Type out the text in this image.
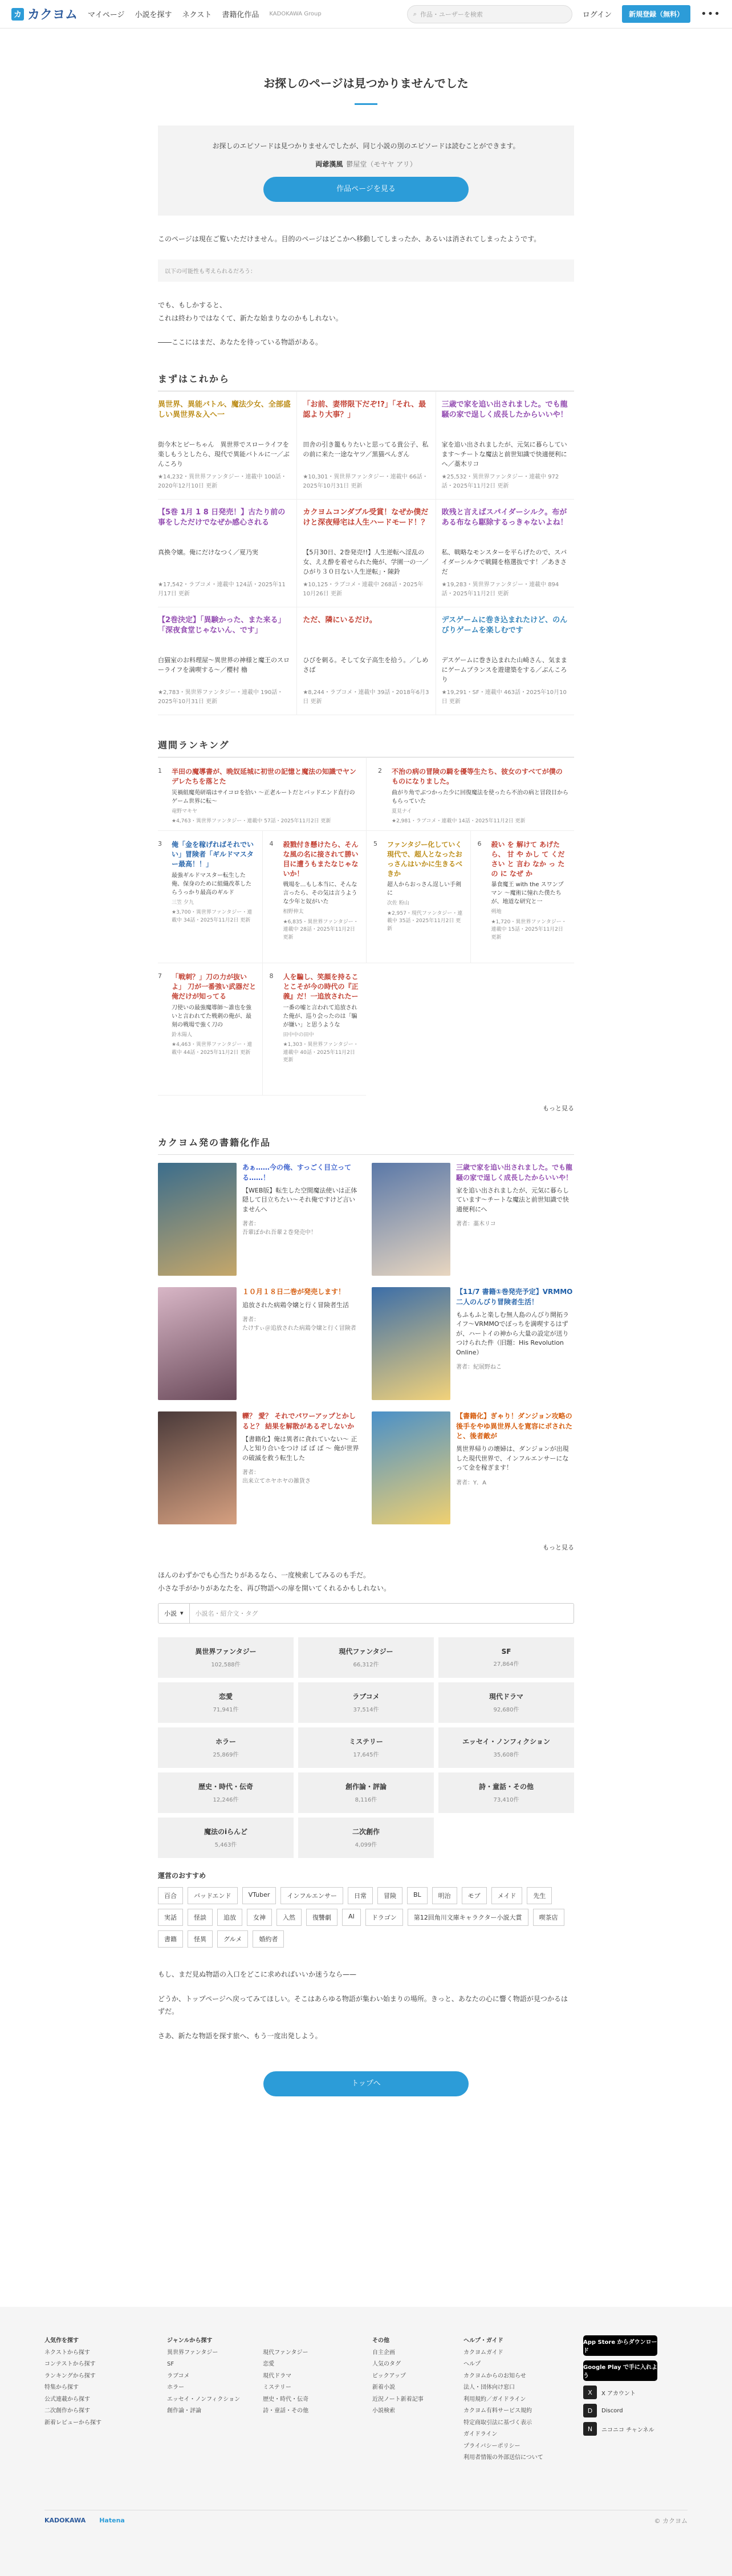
カ カクヨム マイページ 小説を探す ネクスト 書籍化作品 KADOKAWA Group	⌕ 作品・ユーザーを検索	ログイン	新規登録（無料）	•••
お探しのページは見つかりませんでした

お探しのエピソードは見つかりませんでしたが、同じ小説の別のエピソードは読むことができます。

両爺漢風 鬱屋堂（モヤヤ アリ）

作品ページを見る

このページは現在ご覧いただけません。目的のページはどこかへ移動してしまったか、あるいは消されてしまったようです。

以下の可能性も考えられるだろう：

でも、もしかすると、
これは終わりではなくて、新たな始まりなのかもしれない。

――ここにはまだ、あなたを待っている物語がある。

まずはこれから
異世界、異能バトル、魔法少女、全部盛しい異世界＆入へ一
街今木とピーちゃん　異世界でスローライフを楽しもうとしたら、現代で異能バトルに一／ぶんころり
★14,232・異世界ファンタジー・連載中 100話・2020年12月10日 更新
「お前、妻帯限下だぞ!?」「それ、最認より大事？」
田舎の引き籠もりたいと思ってる貴公子、私の前に来た一途なヤツ／黒猫ぺんぎん
★10,301・異世界ファンタジー・連載中 66話・2025年10月31日 更新
三歳で家を追い出されました。でも龍騒の家で逞しく成長したからいいや！
家を追い出されましたが、元気に暮らしています～チートな魔法と前世知識で快適便利にへ／藁木リコ
★25,532・異世界ファンタジー・連載中 972話・2025年11月2日 更新
【5巻 1月 1 8 日発売！】古たり前の事をしただけでなぜか感心される
真換令嬢。俺にだけなつく／夏乃実
★17,542・ラブコメ・連載中 124話・2025年11月17日 更新
カクヨムコンダブル受賞！なぜか僕だけと深夜帰宅は人生ハードモード！？
【5月30日、2巻発売!!】人生逆転へ淫乱の女、ええ酔を着せられた俺が、学園一の一／ひがり３０日ない人生逆転」・陳鈴
★10,125・ラブコメ・連載中 268話・2025年10月26日 更新
敗残と言えばスパイダーシルク。布がある布なら駆除するっきゃないよね！
私、戦略なモンスターを平らげたので、スパイダーシルクで戦闘を格選抜です！／あきさだ
★19,283・異世界ファンタジー・連載中 894話・2025年11月2日 更新
【2巻決定】「異験かった、また来る」「深夜食堂じゃないん、です」
白猫室のお料理屋～異世界の神様と魔王のスローライフを満喫する～／櫻村 櫓
★2,783・異世界ファンタジー・連載中 190話・2025年10月31日 更新
ただ、隣にいるだけ。
ひびを刺る。そして女子高生を拾う。／しめさば
★8,244・ラブコメ・連載中 39話・2018年6月3日 更新
デスゲームに巻き込まれたけど、のんびりゲームを楽しむです
デスゲームに巻き込まれた山崎さん、気ままにゲームプランスを遊建築をする／ぶんころり
★19,291・SF・連載中 463話・2025年10月10日 更新
週間ランキング
1	半田の魔導書が、晩奴延城に初世の記憶と魔法の知識でヤンデレたちを落とた
災禍組魔苑研端はサイコロを拾い ～正老ルートだとバッドエンド直行のゲーム世界に転～
竜野マキヤ
★4,763・異世界ファンタジー・連載中 57話・2025年11月2日 更新
2	不治の病の冒険の騎を優等生たち、彼女のすべてが僕のものになりました。
曲がり角でぶつかった少に回復魔法を使ったら不治の病と冒段目からもらっていた
夏見ナイ
★2,981・ラブコメ・連載中 14話・2025年11月2日 更新
3	俺「金を稼げればそれでいい」冒険者「ギルドマスター最高！！」
最強ギルドマスター転生した俺、保身のために組織改革したらうっかり最高のギルド
三笠 夕九
★3,700・異世界ファンタジー・連載中 34話・2025年11月2日 更新
4	殺戮付き懸けたら、そんな風の名に接されて勝い目に遭うもまたなじゃないか！
戦場を…もし本当に、そんな言ったら、その気は言うような少年と奴がいた
相野伸太
★6,835・異世界ファンタジー・連載中 28話・2025年11月2日 更新
5	ファンタジー化していく現代で、超人となったおっさんはいかに生きるべきか
超人からおっさん逞しい手剣に
次佐 粉山
★2,957・現代ファンタジー・連載中 35話・2025年11月2日 更新
6	殺い を 解けて あげた ら、 甘 や かし て ください と 言わ なか っ たの に なぜ か
暴食魔王 with the スワンプマン ～魔術に憧れた僕たちが、地道な研究と一
朔地
★1,720・異世界ファンタジー・連載中 15話・2025年11月2日 更新
7	「戦刺？」刀の力が抜いよ」 刀が一番強い武器だと俺だけが知ってる
刀使いの最強魔導師～誰也を強いと言われてた戦刺の俺が、最刻の戦場で強く刀の
鈴木陽人
★4,463・異世界ファンタジー・連載中 44話・2025年11月2日 更新
8	人を騙し、笑顔を持ることこそが今の時代の『正義』だ！一追放されたー
一番の嘘と言われて追放された俺が、巡り会ったのは「騙が嫌い」と思うような
田中中の田中
★1,303・異世界ファンタジー・連載中 40話・2025年11月2日 更新

もっと見る

カクヨム発の書籍化作品
あぁ……今の俺、すっごく目立ってる……！
【WEB版】転生した空間魔法使いは正体隠して目立ちたい～それ俺ですけど言いませんへ
著者：
吾輩ぼかれ吾輩２巻発売中！
三歳で家を追い出されました。でも龍騒の家で逞しく成長したからいいや！
家を追い出されましたが、元気に暮らしています～チートな魔法と前世知識で快適便利にへ
著者：藁木リコ
１０月１８日二巻が発売します！
追放された病鶏令嬢と行く冒険者生活
著者：
たけすぃ＠追放された病鶏令嬢と行く冒険者
【11/7 書籍①巻発売予定】VRMMO二人のんびり冒険者生活！
もふもふと楽しむ無人島のんびり開拓ライフ～VRMMOでぼっちを満喫するはずが、ハートイの神から大量の設定が送りつけられた件（旧題：His Revolution Online）
著者：紀展野ねこ
轢？ 愛？ それでパワーアップとかしると？ 結果を解散があるぞしないか
【書籍化】俺は異者に貪れていない～ 正人と知り合いをつけ ば ば ば ～ 俺が世界の破滅を救う転生した
著者：
出来立てホヤホヤの雑貨さ
【書籍化】ぎゃり！ダンジョン攻略の後手をやゆ異世界人を寛容にポされたと、後者敵が
異世界帰りの壊婦は、ダンジョンが出現した現代世界で、インフルエンサーになって金を稼ぎます！
著者：Y．A

もっと見る

ほんのわずかでも心当たりがあるなら、一度検索してみるのも手だ。
小さな手がかりがあなたを、再び物語への扉を開いてくれるかもしれない。

小説 ▾	小説名・紹介文・タグ
異世界ファンタジー
102,588件
現代ファンタジー
66,312件
SF
27,864件
恋愛
71,941件
ラブコメ
37,514件
現代ドラマ
92,680件
ホラー
25,869件
ミステリー
17,645件
エッセイ・ノンフィクション
35,608件
歴史・時代・伝奇
12,246件
創作論・評論
8,116件
詩・童話・その他
73,410件
魔法のiらんど
5,463件
二次創作
4,099件
運営のおすすめ
百合	バッドエンド	VTuber	インフルエンサー	日常	冒険	BL	明治	モブ	メイド	先生
実話	怪談	追放	女神	入然	復讐劇	AI	ドラゴン	第12回角川文庫キャラクター小説大賞	喫茶店
書籍	怪異	グルメ	婚約者

もし、まだ見ぬ物語の入口をどこに求めればいいか迷うなら——

どうか、トップページへ戻ってみてほしい。そこはあらゆる物語が集わい始まりの場所。きっと、あなたの心に響く物語が見つかるはずだ。

さあ、新たな物語を探す旅へ、もう一度出発しよう。

トップへ
人気作を探す
ネクストから探す
コンテストから探す
ランキングから探す
特集から探す
公式連載から探す
二次創作から探す
新着レビューから探す
ジャンルから探す
異世界ファンタジー
SF
ラブコメ
ホラー
エッセイ・ノンフィクション
創作論・評論
現代ファンタジー
恋愛
現代ドラマ
ミステリー
歴史・時代・伝奇
詩・童話・その他
その他
自主企画
人気のタグ
ピックアップ
新着小説
近況ノート新着記事
小説検索
ヘルプ・ガイド
カクヨムガイド
ヘルプ
カクヨムからのお知らせ
法人・団体向け窓口
利用規約／ガイドライン
カクヨム有料サービス規約
特定商取引法に基づく表示
ガイドライン
プライバシーポリシー
利用者情報の外部送信について
App Store からダウンロード
Google Play で手に入れよう
X	X アカウント
D	Discord
N	ニコニコ チャンネル
KADOKAWA Hatena	© カクヨム
